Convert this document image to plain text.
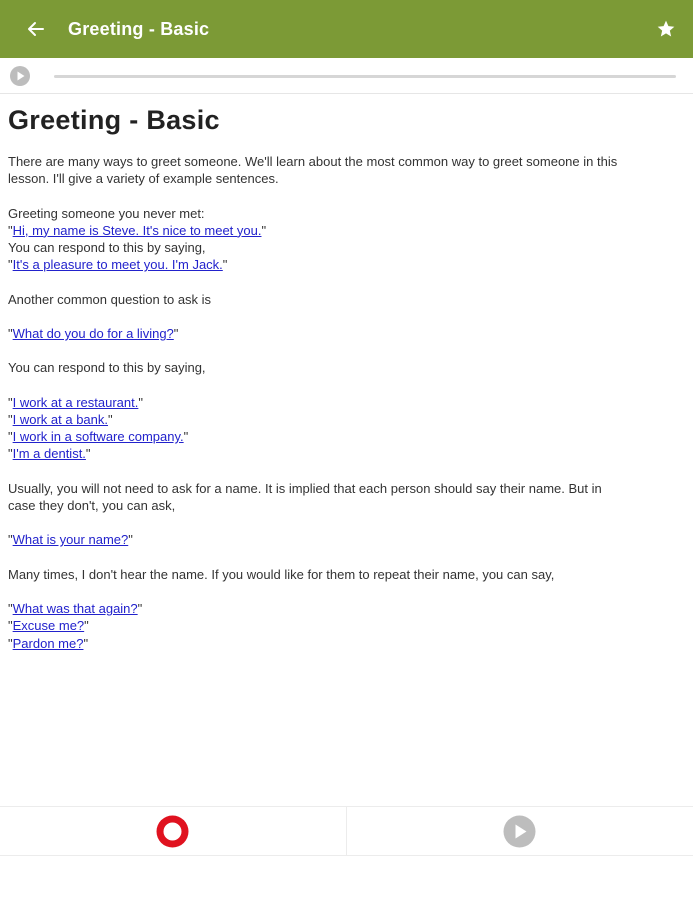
Greeting - Basic
Greeting - Basic
There are many ways to greet someone. We'll learn about the most common way to greet someone in this
lesson. I'll give a variety of example sentences.
Greeting someone you never met:
"Hi, my name is Steve. It's nice to meet you."
You can respond to this by saying,
"It's a pleasure to meet you. I'm Jack."
Another common question to ask is
"What do you do for a living?"
You can respond to this by saying,
"I work at a restaurant."
"I work at a bank."
"I work in a software company."
"I'm a dentist."
Usually, you will not need to ask for a name. It is implied that each person should say their name. But in
case they don't, you can ask,
"What is your name?"
Many times, I don't hear the name. If you would like for them to repeat their name, you can say,
"What was that again?"
"Excuse me?"
"Pardon me?"
